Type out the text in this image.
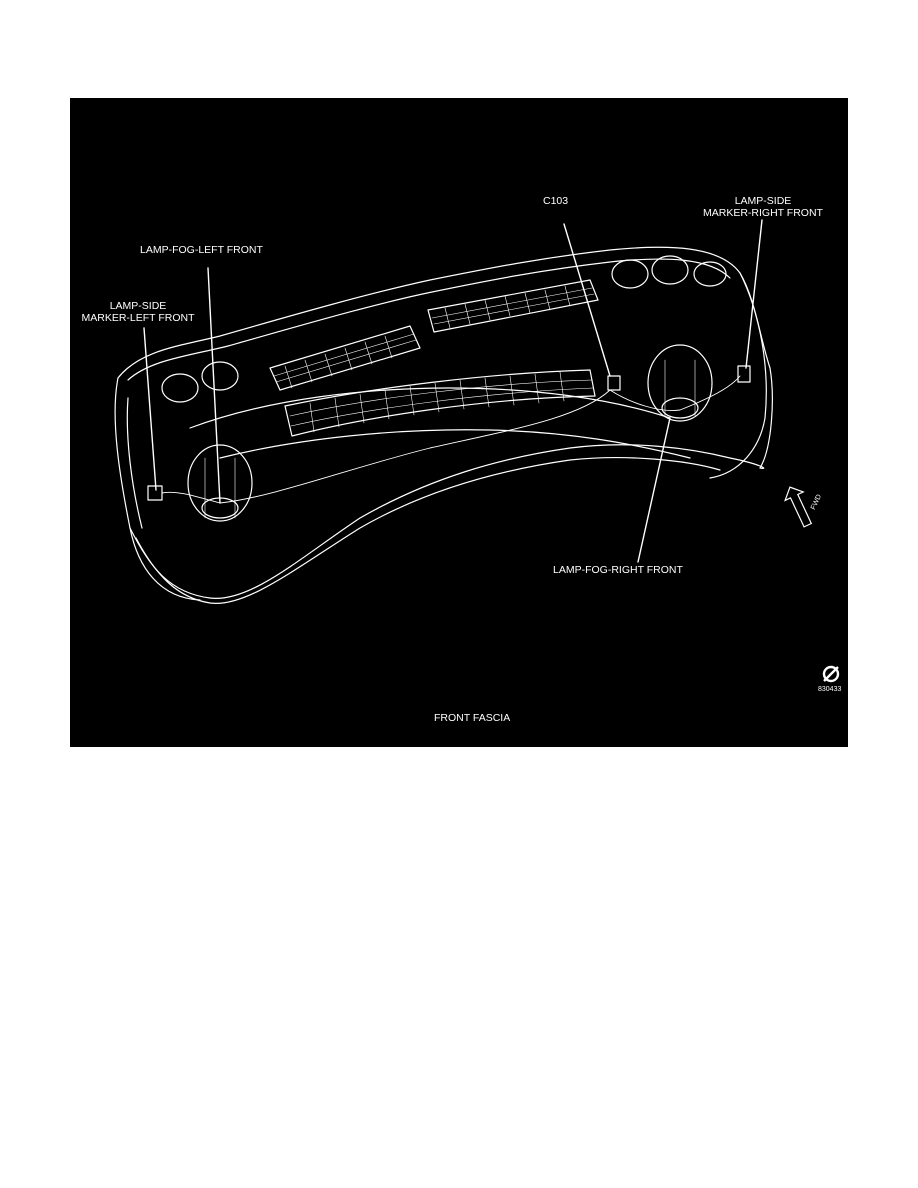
C103	LAMP-SIDE
MARKER-RIGHT FRONT
LAMP-FOG-LEFT FRONT
LAMP-SIDE
MARKER-LEFT FRONT
LAMP-FOG-RIGHT FRONT
FWD
830433
FRONT FASCIA
